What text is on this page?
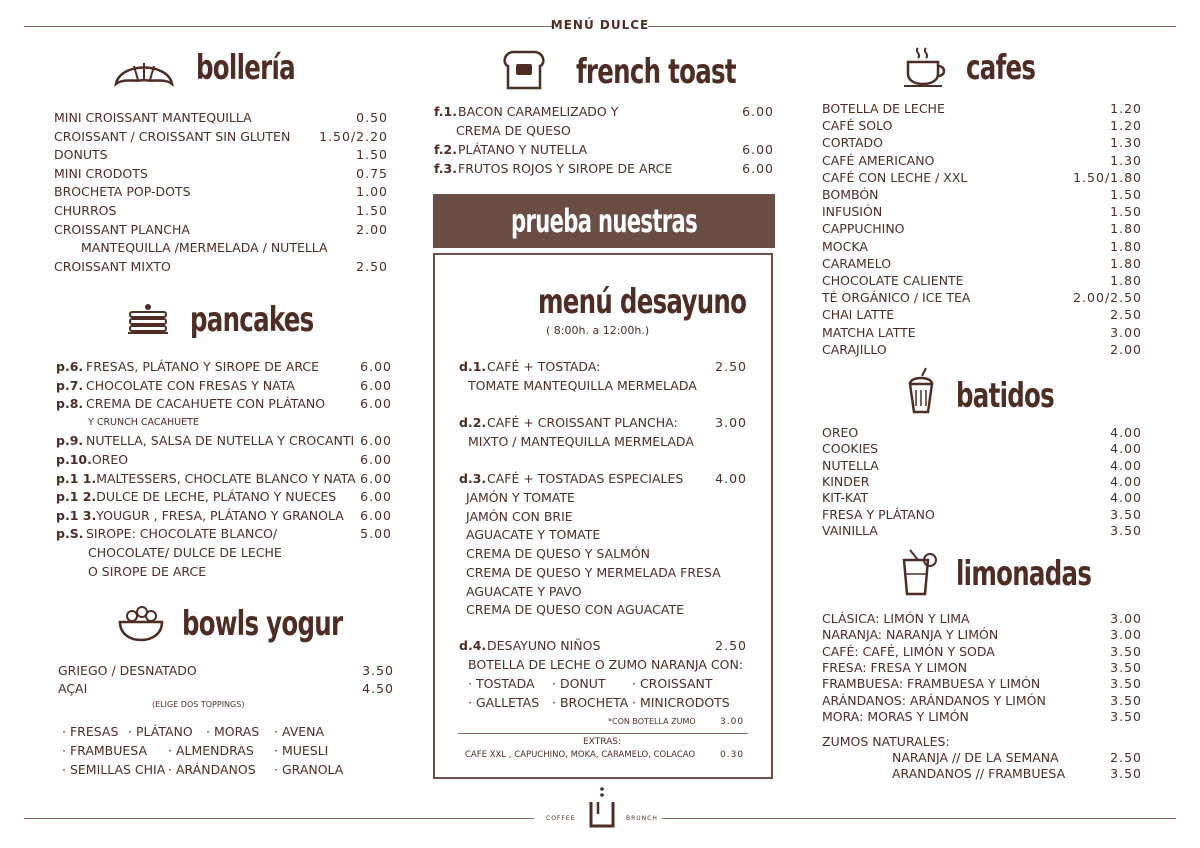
MENÚ DULCE
bollería
MINI CROISSANT MANTEQUILLA	0.50
CROISSANT / CROISSANT SIN GLUTEN 1.50/2.20
DONUTS	1.50
MINI CRODOTS	0.75
BROCHETA POP-DOTS	1.00
CHURROS	1.50
CROISSANT PLANCHA	2.00
MANTEQUILLA /MERMELADA / NUTELLA
CROISSANT MIXTO	2.50
pancakes
p.6. FRESAS, PLÁTANO Y SIROPE DE ARCE	6.00
p.7. CHOCOLATE CON FRESAS Y NATA	6.00
p.8. CREMA DE CACAHUETE CON PLÁTANO	6.00
Y CRUNCH CACAHUETE
p.9. NUTELLA, SALSA DE NUTELLA Y CROCANTI 6.00
p.10.OREO	6.00
p.1 1.MALTESSERS, CHOCLATE BLANCO Y NATA 6.00
p.1 2.DULCE DE LECHE, PLÁTANO Y NUECES 6.00
p.1 3.YOUGUR , FRESA, PLÁTANO Y GRANOLA 6.00
p.S. SIROPE: CHOCOLATE BLANCO/	5.00
CHOCOLATE/ DULCE DE LECHE
O SIROPE DE ARCE
bowls yogur
GRIEGO / DESNATADO	3.50
AÇAI	4.50
(ELIGE DOS TOPPINGS)
· FRESAS · PLÁTANO · MORAS · AVENA
· FRAMBUESA · ALMENDRAS · MUESLI
· SEMILLAS CHIA · ARÁNDANOS · GRANOLA
french toast
f.1.BACON CARAMELIZADO Y	6.00
CREMA DE QUESO
f.2.PLÁTANO Y NUTELLA	6.00
f.3.FRUTOS ROJOS Y SIROPE DE ARCE	6.00
prueba nuestras tartas caseras
menú desayuno
( 8:00h. a 12:00h.)
d.1.CAFÉ + TOSTADA:	2.50
TOMATE MANTEQUILLA MERMELADA
d.2.CAFÉ + CROISSANT PLANCHA:	3.00
MIXTO / MANTEQUILLA MERMELADA
d.3.CAFÉ + TOSTADAS ESPECIALES	4.00
JAMÓN Y TOMATE
JAMÓN CON BRIE
AGUACATE Y TOMATE
CREMA DE QUESO Y SALMÓN
CREMA DE QUESO Y MERMELADA FRESA
AGUACATE Y PAVO
CREMA DE QUESO CON AGUACATE
d.4.DESAYUNO NIÑOS	2.50
BOTELLA DE LECHE O ZUMO NARANJA CON:
· TOSTADA · DONUT · CROISSANT
· GALLETAS · BROCHETA · MINICRODOTS
*CON BOTELLA ZUMO	3.00
EXTRAS:
CAFE XXL , CAPUCHINO, MOKA, CARAMELO, COLACAO	0.30
COFFEE	BRUNCH
cafes
BOTELLA DE LECHE	1.20
CAFÉ SOLO	1.20
CORTADO	1.30
CAFÉ AMERICANO	1.30
CAFÉ CON LECHE / XXL	1.50/1.80
BOMBÓN	1.50
INFUSIÓN	1.50
CAPPUCHINO	1.80
MOCKA	1.80
CARAMELO	1.80
CHOCOLATE CALIENTE	1.80
TÉ ORGÁNICO / ICE TEA	2.00/2.50
CHAI LATTE	2.50
MATCHA LATTE	3.00
CARAJILLO	2.00
batidos
OREO	4.00
COOKIES	4.00
NUTELLA	4.00
KINDER	4.00
KIT-KAT	4.00
FRESA Y PLÁTANO	3.50
VAINILLA	3.50
limonadas
CLÁSICA: LIMÓN Y LIMA	3.00
NARANJA: NARANJA Y LIMÓN	3.00
CAFÉ: CAFÉ, LIMÓN Y SODA	3.50
FRESA: FRESA Y LIMON	3.50
FRAMBUESA: FRAMBUESA Y LIMÓN	3.50
ARÁNDANOS: ARÁNDANOS Y LIMÓN	3.50
MORA: MORAS Y LIMÓN	3.50
ZUMOS NATURALES:
NARANJA // DE LA SEMANA	2.50
ARANDANOS // FRAMBUESA	3.50
